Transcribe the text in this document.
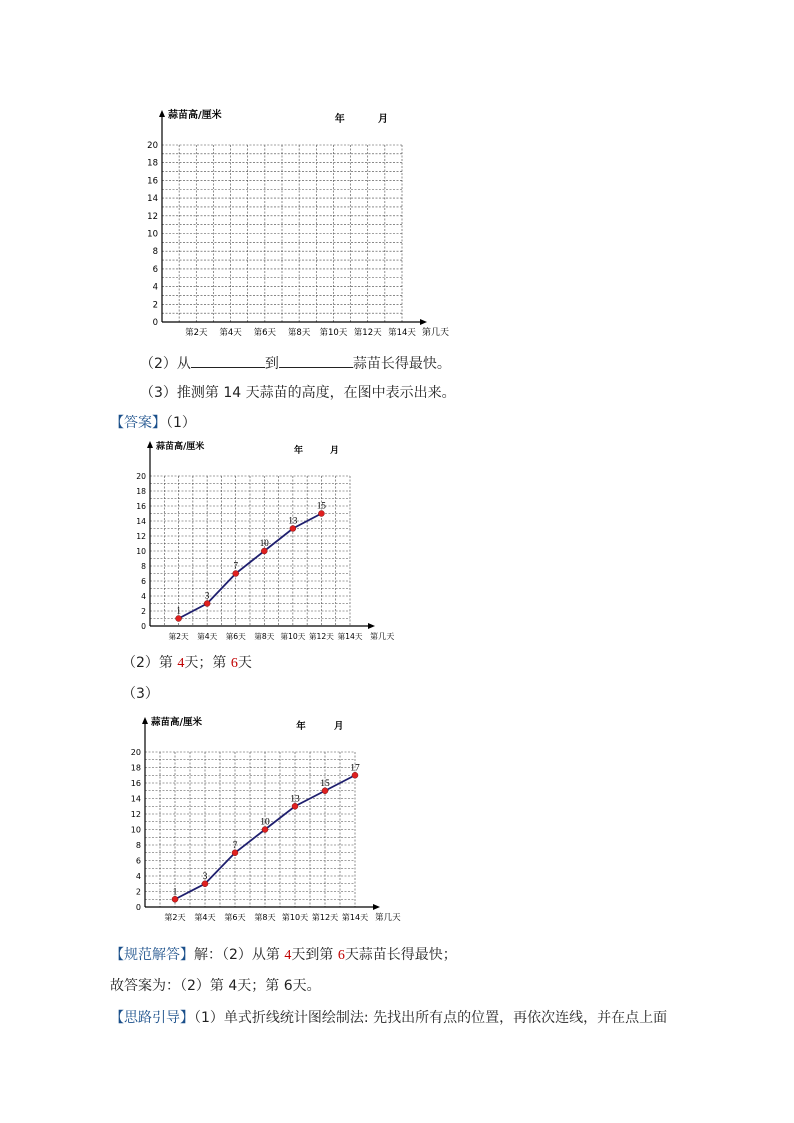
蒜苗高/厘米	年	月
0
2
4
6
8
10
12
14
16
18
20
第2天 第4天 第6天 第8天 第10天 第12天 第14天 第几天
（2）从	到	蒜苗长得最快。
（3）推测第 14 天蒜苗的高度，在图中表示出来。
【答案】（1）
蒜苗高/厘米	年	月
0
2
4
6
8
10
12
14
16
18
20
第2天 第4天 第6天 第8天 第10天 第12天 第14天 第几天
1
3
7
10
13
15
（2）第 4天；第 6天
（3）
蒜苗高/厘米	年	月
0
2
4
6
8
10
12
14
16
18
20
第2天 第4天 第6天 第8天 第10天 第12天 第14天 第几天
1
3
7
10
13
15
17
【规范解答】解：（2）从第 4天到第 6天蒜苗长得最快；
故答案为：（2）第 4天；第 6天。
【思路引导】（1）单式折线统计图绘制法: 先找出所有点的位置，再依次连线，并在点上面
